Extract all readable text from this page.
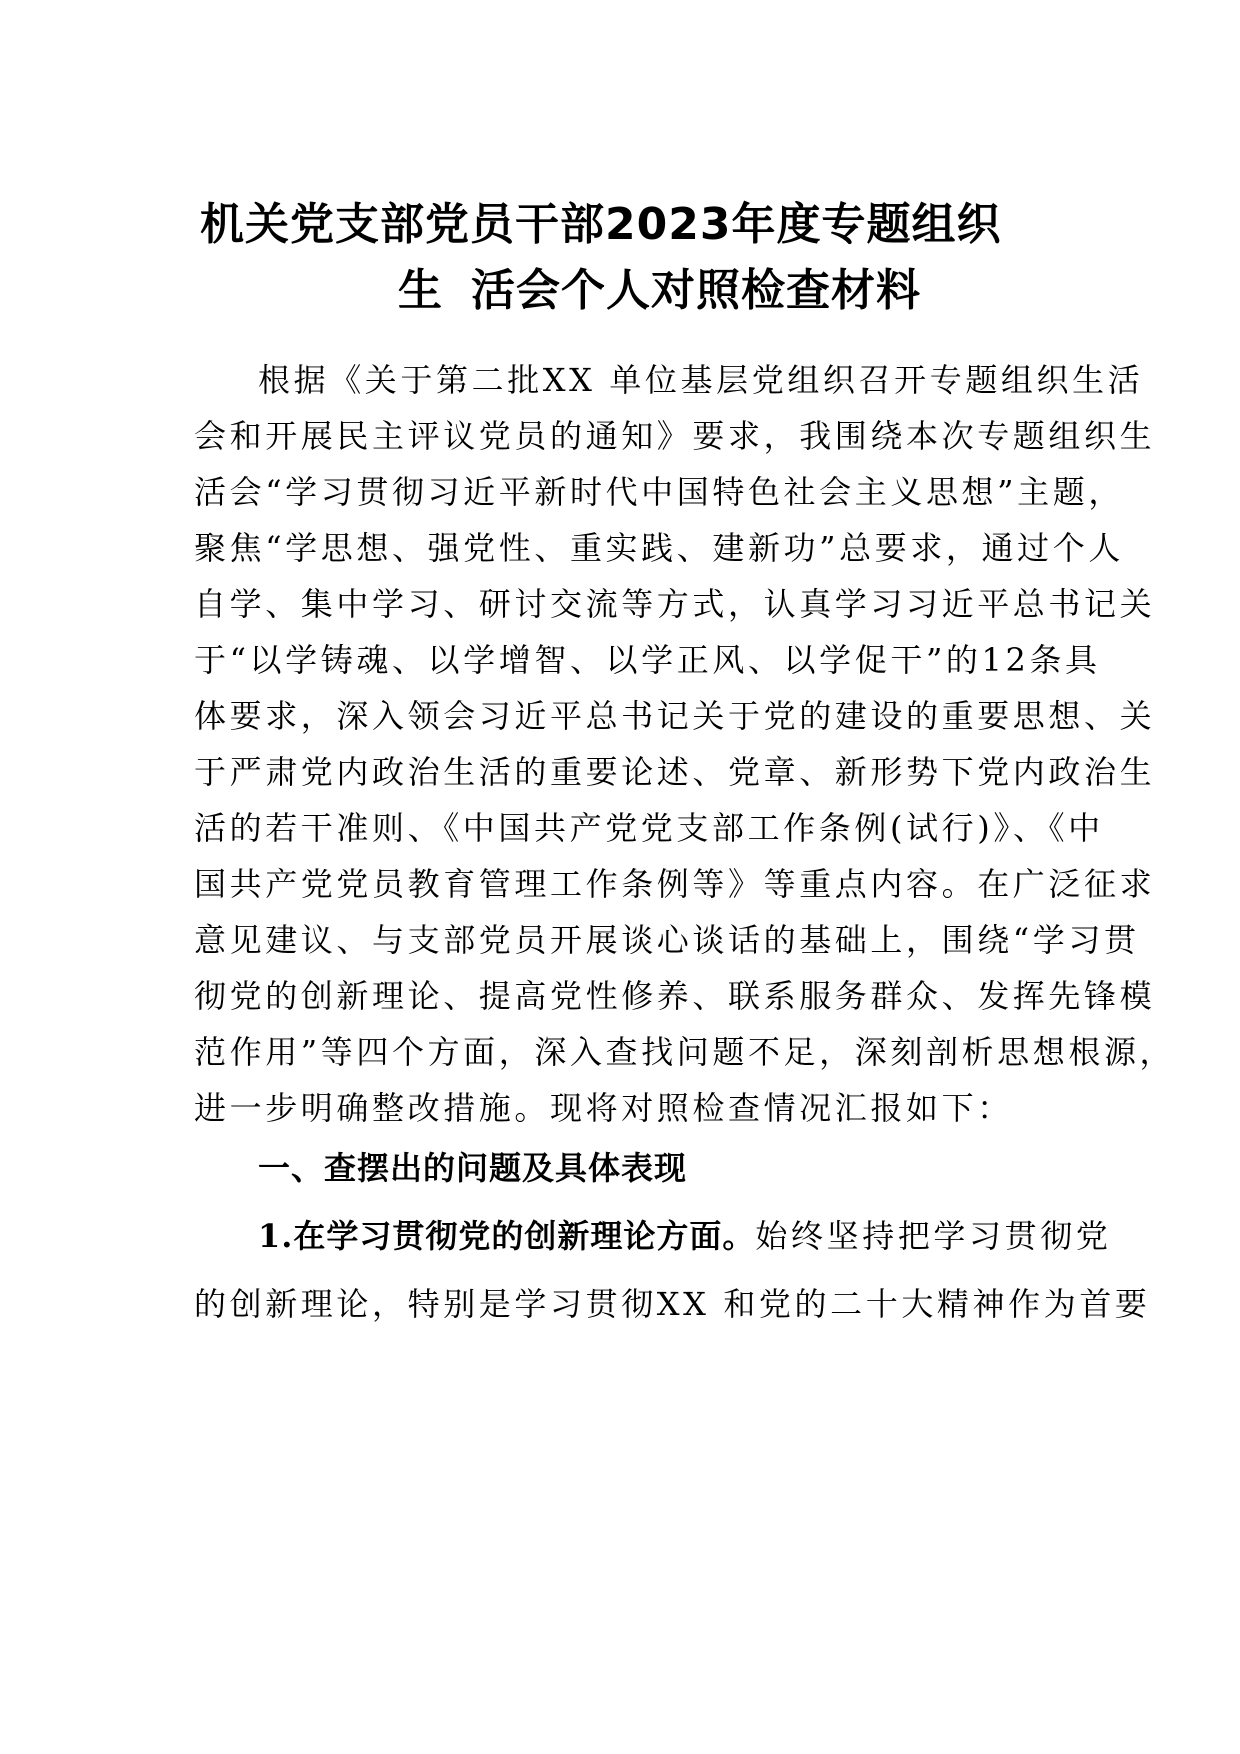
机关党支部党员干部2023年度专题组织
生 活会个人对照检查材料
根据《关于第二批XX 单位基层党组织召开专题组织生活
会和开展民主评议党员的通知》要求，我围绕本次专题组织生
活会“学习贯彻习近平新时代中国特色社会主义思想”主题，
聚焦“学思想、强党性、重实践、建新功”总要求，通过个人
自学、集中学习、研讨交流等方式，认真学习习近平总书记关
于“以学铸魂、以学增智、以学正风、以学促干”的12条具
体要求，深入领会习近平总书记关于党的建设的重要思想、关
于严肃党内政治生活的重要论述、党章、新形势下党内政治生
活的若干准则、《中国共产党党支部工作条例(试行)》、《中
国共产党党员教育管理工作条例等》等重点内容。在广泛征求
意见建议、与支部党员开展谈心谈话的基础上，围绕“学习贯
彻党的创新理论、提高党性修养、联系服务群众、发挥先锋模
范作用”等四个方面，深入查找问题不足，深刻剖析思想根源，
进一步明确整改措施。现将对照检查情况汇报如下：
一、查摆出的问题及具体表现
1.在学习贯彻党的创新理论方面。始终坚持把学习贯彻党
的创新理论，特别是学习贯彻XX 和党的二十大精神作为首要
